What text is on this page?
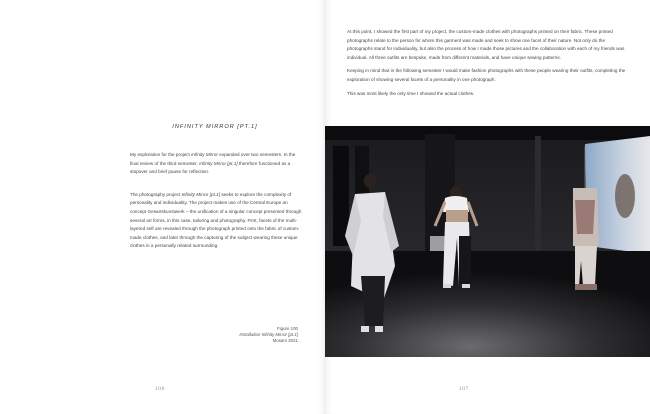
INFINITY MIRROR [PT.1]

My exploration for the project Infinity Mirror expanded over two semesters. In the final review of the third semester, Infinity Mirror [pt.1] therefore functioned as a stopover and brief pause for reflection.

The photography project Infinity Mirror [pt.1] seeks to explore the complexity of personality and individuality. The project makes use of the Central Europe an concept Gesamtkunstwerk – the unification of a singular concept presented through several art forms, in this case, tailoring and photography. First, facets of the multi-layered self are revealed through the photograph printed onto the fabric of custom-made clothes, and later through the capturing of the subject wearing these unique clothes in a personally related surrounding.

Figure 100
Installation Infinity Mirror [pt.1]
Mosam 2021
106

At this point, I showed the first part of my project, the custom-made clothes with photographs printed on their fabric. These printed photographs relate to the person for whom this garment was made and seek to show one facet of their nature. Not only do the photographs stand for individuality, but also the process of how I made those pictures and the collaboration with each of my friends was individual. All three outfits are bespoke, made from different materials, and have unique sewing patterns.

Keeping in mind that in the following semester I would make fashion photographs with these people wearing their outfits, completing the exploration of showing several facets of a personality in one photograph.

This was most likely the only time I showed the actual clothes.

107
